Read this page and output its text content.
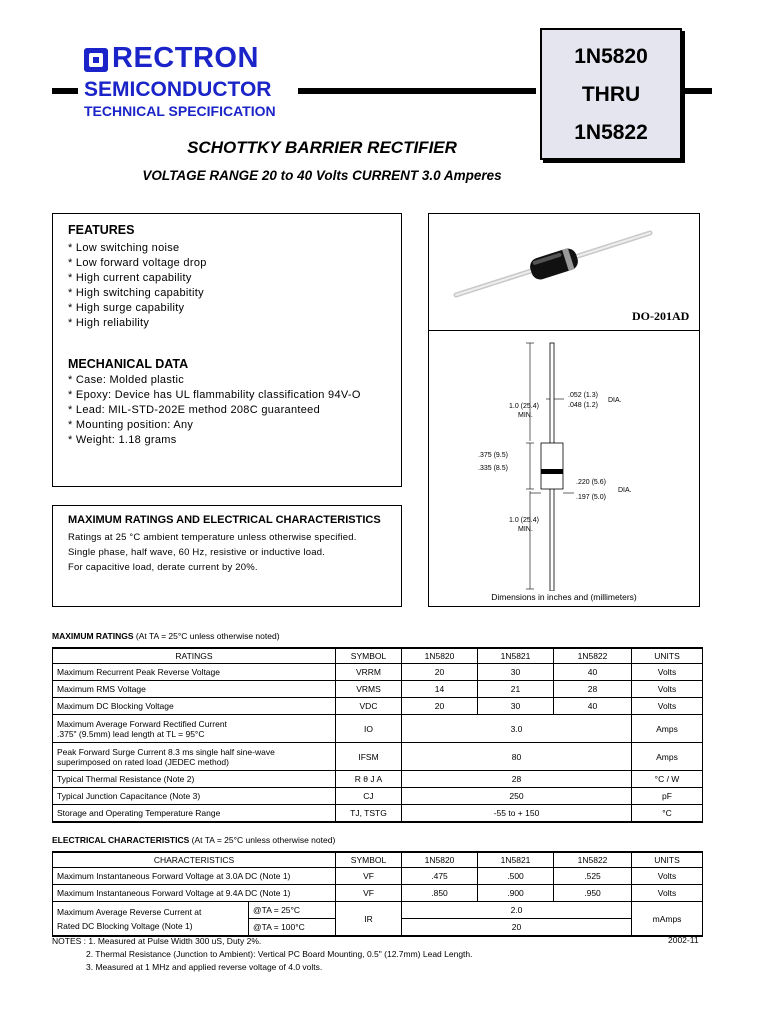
RECTRON
SEMICONDUCTOR
TECHNICAL SPECIFICATION
1N5820
THRU
1N5822
SCHOTTKY BARRIER RECTIFIER
VOLTAGE RANGE 20 to 40 Volts CURRENT 3.0 Amperes
FEATURES
* Low switching noise
* Low forward voltage drop
* High current capability
* High switching capabitity
* High surge capability
* High reliability
MECHANICAL DATA
* Case: Molded plastic
* Epoxy: Device has UL flammability classification 94V-O
* Lead: MIL-STD-202E method 208C guaranteed
* Mounting position: Any
* Weight: 1.18 grams
MAXIMUM RATINGS AND ELECTRICAL CHARACTERISTICS
Ratings at 25 °C ambient temperature unless otherwise specified.
Single phase, half wave, 60 Hz, resistive or inductive load.
For capacitive load, derate current by 20%.
DO-201AD
1.0 (25.4)
MIN.
.052 (1.3)
.048 (1.2)
DIA.
.375 (9.5)
.335 (8.5)
.220 (5.6)
.197 (5.0)
DIA.
1.0 (25.4)
MIN.
Dimensions in inches and (millimeters)
MAXIMUM RATINGS (At TA = 25°C unless otherwise noted)
RATINGS	SYMBOL	1N5820	1N5821	1N5822	UNITS
Maximum Recurrent Peak Reverse Voltage	VRRM	20	30	40	Volts
Maximum RMS Voltage	VRMS	14	21	28	Volts
Maximum DC Blocking Voltage	VDC	20	30	40	Volts

Maximum Average Forward Rectified Current
.375" (9.5mm) lead length at TL = 95°C	IO	3.0			Amps

Peak Forward Surge Current 8.3 ms single half sine-wave
superimposed on rated load (JEDEC method)	IFSM	80			Amps
Typical Thermal Resistance (Note 2)	R θ J A	28			°C / W
Typical Junction Capacitance (Note 3)	CJ	250			pF
Storage and Operating Temperature Range	TJ, TSTG	-55 to + 150			°C
ELECTRICAL CHARACTERISTICS (At TA = 25°C unless otherwise noted)
CHARACTERISTICS		SYMBOL	1N5820	1N5821	1N5822	UNITS
Maximum Instantaneous Forward Voltage at 3.0A DC (Note 1)		VF	.475	.500	.525	Volts
Maximum Instantaneous Forward Voltage at 9.4A DC (Note 1)		VF	.850	.900	.950	Volts

Maximum Average Reverse Current at
Rated DC Blocking Voltage (Note 1)	@TA = 25°C	IR	2.0			mAmps
	@TA = 100°C		20			
NOTES : 1. Measured at Pulse Width 300 uS, Duty 2%.
2. Thermal Resistance (Junction to Ambient): Vertical PC Board Mounting, 0.5" (12.7mm) Lead Length.
3. Measured at 1 MHz and applied reverse voltage of 4.0 volts.
2002-11
